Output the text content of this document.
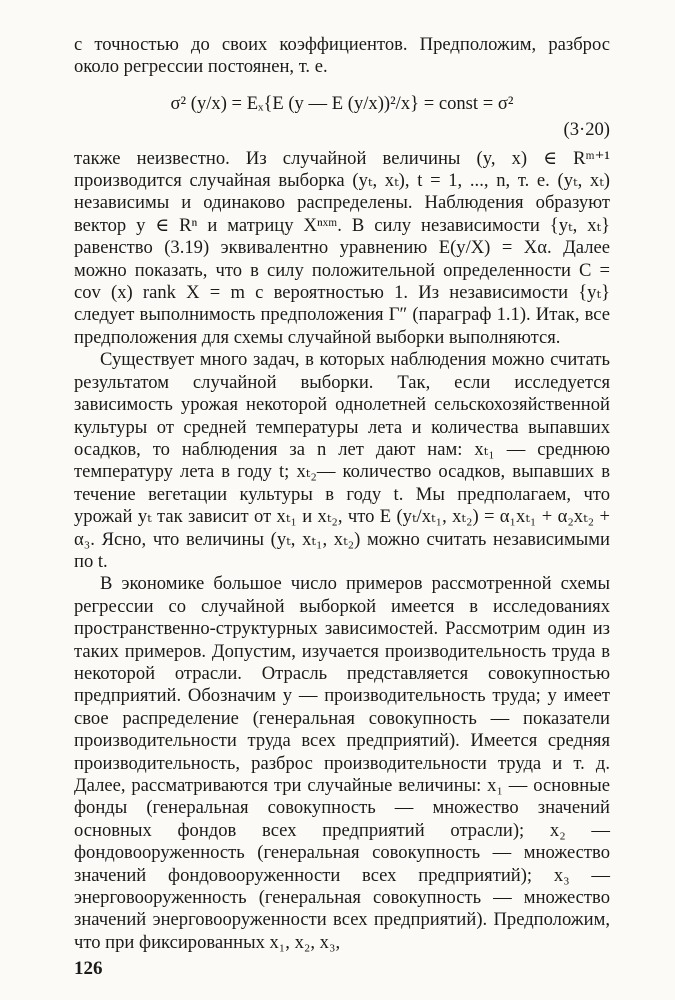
с точностью до своих коэффициентов. Предположим, разброс около регрессии постоянен, т. е.

σ² (y/x) = Eₓ{E (y — E (y/x))²/x} = const = σ²

(3·20)

также неизвестно. Из случайной величины (y, x) ∈ Rᵐ⁺¹ производится случайная выборка (yₜ, xₜ), t = 1, ..., n, т. е. (yₜ, xₜ) независимы и одинаково распределены. Наблюдения образуют вектор y ∈ Rⁿ и матрицу Xⁿˣᵐ. В силу независимости {yₜ, xₜ} равенство (3.19) эквивалентно уравнению E(y/X) = Xα. Далее можно показать, что в силу положительной определенности C = cov (x) rank X = m с вероятностью 1. Из независимости {yₜ} следует выполнимость предположения Г″ (параграф 1.1). Итак, все предположения для схемы случайной выборки выполняются.

Существует много задач, в которых наблюдения можно считать результатом случайной выборки. Так, если исследуется зависимость урожая некоторой однолетней сельскохозяйственной культуры от средней температуры лета и количества выпавших осадков, то наблюдения за n лет дают нам: xₜ₁ — среднюю температуру лета в году t; xₜ₂— количество осадков, выпавших в течение вегетации культуры в году t. Мы предполагаем, что урожай yₜ так зависит от xₜ₁ и xₜ₂, что E (yₜ/xₜ₁, xₜ₂) = α₁xₜ₁ + α₂xₜ₂ + α₃. Ясно, что величины (yₜ, xₜ₁, xₜ₂) можно считать независимыми по t.

В экономике большое число примеров рассмотренной схемы регрессии со случайной выборкой имеется в исследованиях пространственно-структурных зависимостей. Рассмотрим один из таких примеров. Допустим, изучается производительность труда в некоторой отрасли. Отрасль представляется совокупностью предприятий. Обозначим y — производительность труда; y имеет свое распределение (генеральная совокупность — показатели производительности труда всех предприятий). Имеется средняя производительность, разброс производительности труда и т. д. Далее, рассматриваются три случайные величины: x₁ — основные фонды (генеральная совокупность — множество значений основных фондов всех предприятий отрасли); x₂ — фондовооруженность (генеральная совокупность — множество значений фондовооруженности всех предприятий); x₃ — энерговооруженность (генеральная совокупность — множество значений энерговооруженности всех предприятий). Предположим, что при фиксированных x₁, x₂, x₃,

126
